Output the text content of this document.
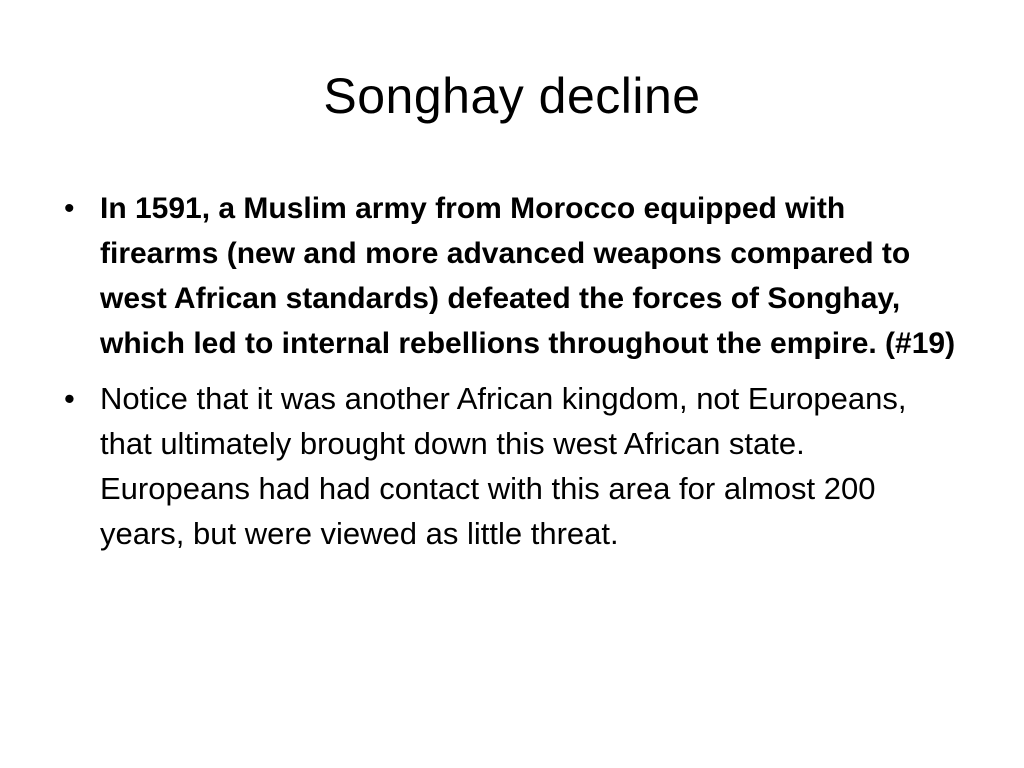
Songhay decline
• In 1591, a Muslim army from Morocco equipped with firearms (new and more advanced weapons compared to west African standards) defeated the forces of Songhay, which led to internal rebellions throughout the empire. (#19)
• Notice that it was another African kingdom, not Europeans, that ultimately brought down this west African state. Europeans had had contact with this area for almost 200 years, but were viewed as little threat.
